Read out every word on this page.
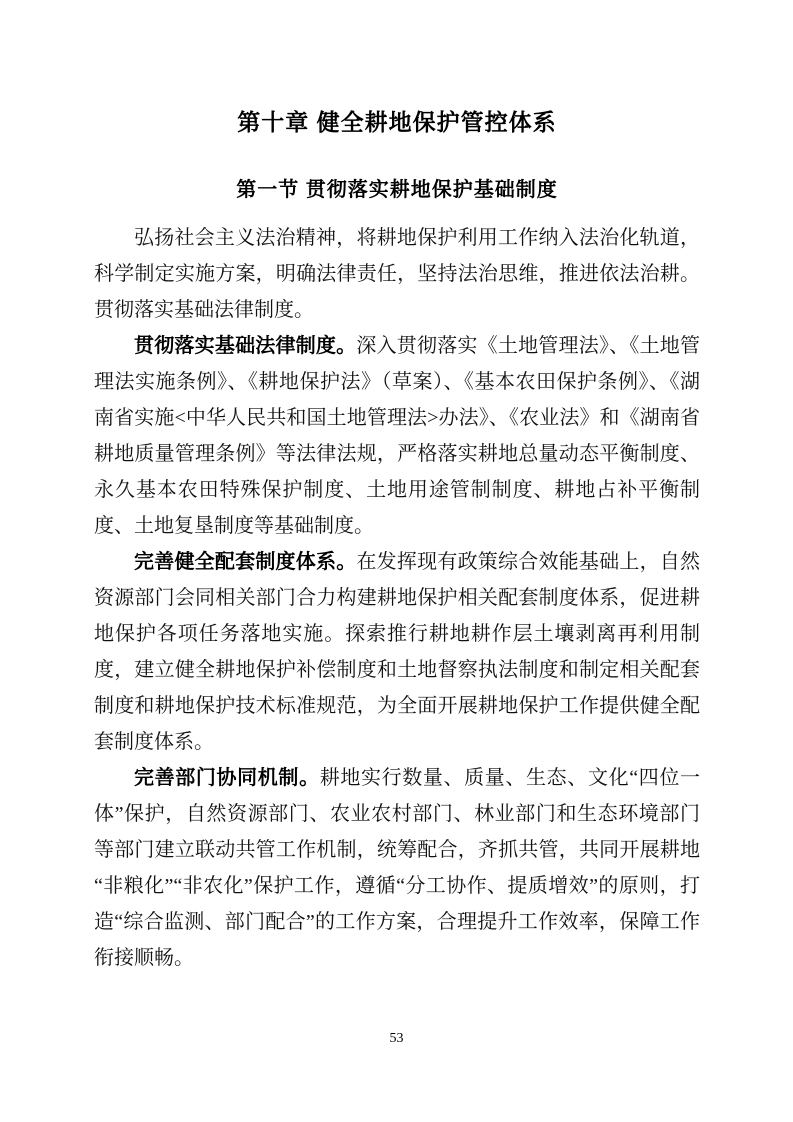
第十章 健全耕地保护管控体系
第一节 贯彻落实耕地保护基础制度

弘扬社会主义法治精神，将耕地保护利用工作纳入法治化轨道，科学制定实施方案，明确法律责任，坚持法治思维，推进依法治耕。贯彻落实基础法律制度。

贯彻落实基础法律制度。深入贯彻落实《土地管理法》、《土地管理法实施条例》、《耕地保护法》（草案）、《基本农田保护条例》、《湖南省实施<中华人民共和国土地管理法>办法》、《农业法》和《湖南省耕地质量管理条例》等法律法规，严格落实耕地总量动态平衡制度、永久基本农田特殊保护制度、土地用途管制制度、耕地占补平衡制度、土地复垦制度等基础制度。

完善健全配套制度体系。在发挥现有政策综合效能基础上，自然资源部门会同相关部门合力构建耕地保护相关配套制度体系，促进耕地保护各项任务落地实施。探索推行耕地耕作层土壤剥离再利用制度，建立健全耕地保护补偿制度和土地督察执法制度和制定相关配套制度和耕地保护技术标准规范，为全面开展耕地保护工作提供健全配套制度体系。

完善部门协同机制。耕地实行数量、质量、生态、文化“四位一体”保护，自然资源部门、农业农村部门、林业部门和生态环境部门等部门建立联动共管工作机制，统筹配合，齐抓共管，共同开展耕地“非粮化”“非农化”保护工作，遵循“分工协作、提质增效”的原则，打造“综合监测、部门配合”的工作方案，合理提升工作效率，保障工作衔接顺畅。

53
